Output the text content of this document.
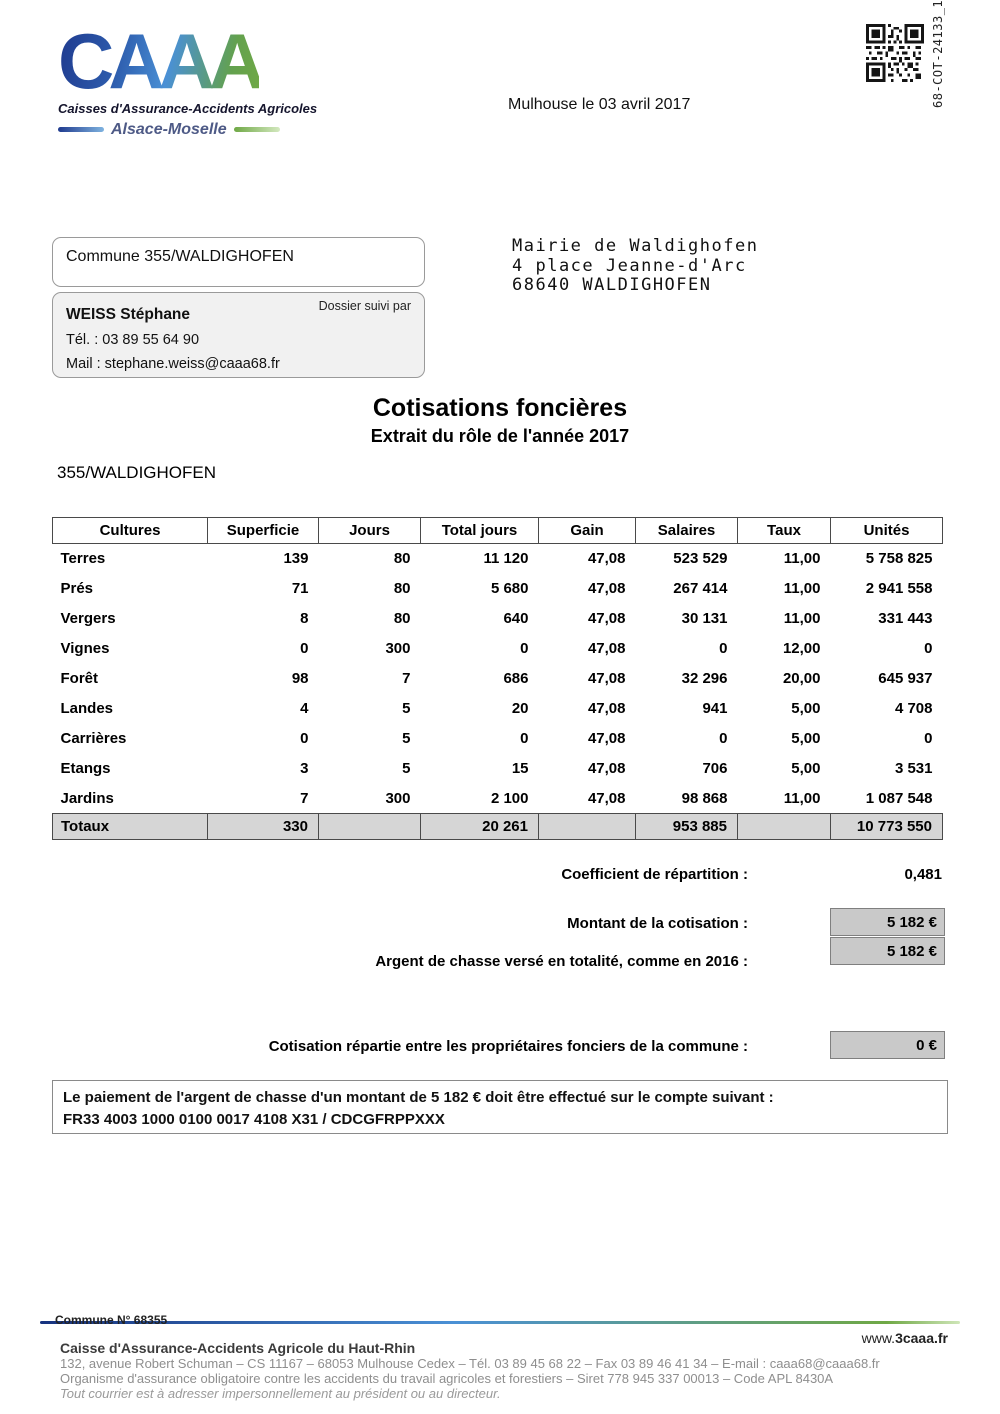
CAAA
Caisses d'Assurance-Accidents Agricoles
Alsace-Moselle
Mulhouse le 03 avril 2017	68-COT-24133_1
Commune 355/WALDIGHOFEN
Dossier suivi par
WEISS Stéphane
Tél. : 03 89 55 64 90
Mail : stephane.weiss@caaa68.fr
Mairie de Waldighofen
4 place Jeanne-d'Arc
68640 WALDIGHOFEN
Cotisations foncières
Extrait du rôle de l'année 2017
355/WALDIGHOFEN
Cultures	Superficie	Jours	Total jours	Gain	Salaires	Taux	Unités
Terres	139	80	11 120	47,08	523 529	11,00	5 758 825
Prés	71	80	5 680	47,08	267 414	11,00	2 941 558
Vergers	8	80	640	47,08	30 131	11,00	331 443
Vignes	0	300	0	47,08	0	12,00	0
Forêt	98	7	686	47,08	32 296	20,00	645 937
Landes	4	5	20	47,08	941	5,00	4 708
Carrières	0	5	0	47,08	0	5,00	0
Etangs	3	5	15	47,08	706	5,00	3 531
Jardins	7	300	2 100	47,08	98 868	11,00	1 087 548
Totaux	330		20 261		953 885		10 773 550
Coefficient de répartition :	0,481
Montant de la cotisation :	5 182 €
Argent de chasse versé en totalité, comme en 2016 :
5 182 €
Cotisation répartie entre les propriétaires fonciers de la commune :	0 €
Le paiement de l'argent de chasse d'un montant de 5 182 € doit être effectué sur le compte suivant :
FR33 4003 1000 0100 0017 4108 X31 / CDCGFRPPXXX
Commune N° 68355
www.3caaa.fr
Caisse d'Assurance-Accidents Agricole du Haut-Rhin
132, avenue Robert Schuman – CS 11167 – 68053 Mulhouse Cedex – Tél. 03 89 45 68 22 – Fax 03 89 46 41 34 – E-mail : caaa68@caaa68.fr
Organisme d'assurance obligatoire contre les accidents du travail agricoles et forestiers – Siret 778 945 337 00013 – Code APL 8430A
Tout courrier est à adresser impersonnellement au président ou au directeur.
